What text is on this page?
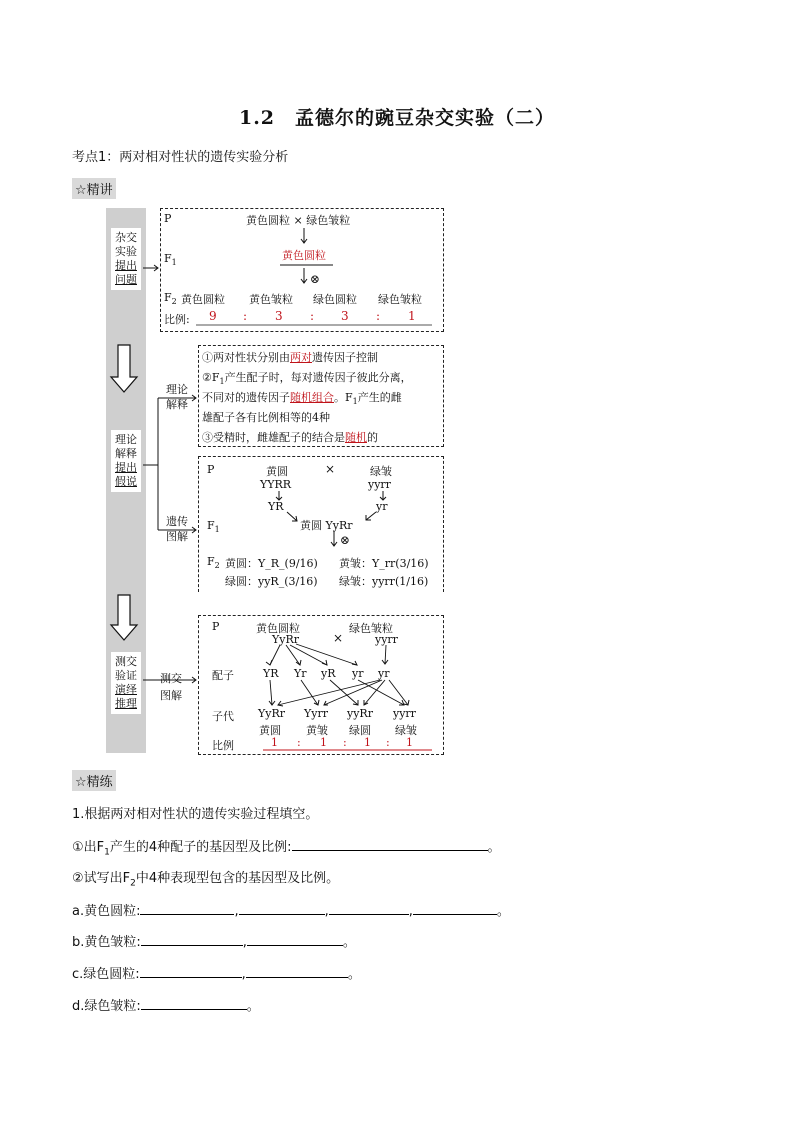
1.2　孟德尔的豌豆杂交实验（二）
考点1：两对相对性状的遗传实验分析
☆精讲
杂交
实验
提出
问题
理论
解释
提出
假说
测交
验证
演绎
推理
理论
解释
遗传
图解
测交
图解
P	黄色圆粒 × 绿色皱粒
$F_1$
黄色圆粒
⊗
$F_2$ 黄色圆粒 黄色皱粒 绿色圆粒 绿色皱粒
比例: 9 : 3 : 3 : 1
①两对性状分别由两对遗传因子控制
$②F_1$产生配子时，每对遗传因子彼此分离，
不同对的遗传因子随机组合。$F_1$产生的雌
雄配子各有比例相等的4种
③受精时，雌雄配子的结合是随机的
P	黄圆	×	绿皱
YYRR	yyrr
YR	yr
$F_1$	黄圆 YyRr
⊗
$F_2$ 黄圆：Y_R_(9/16) 黄皱：Y_rr(3/16)
绿圆：yyR_(3/16) 绿皱：yyrr(1/16)
P	黄色圆粒	绿色皱粒
YyRr	×	yyrr
配子	YR Yr yR yr yr
子代 YyRr Yyrr yyRr yyrr
黄圆 黄皱 绿圆 绿皱
比例	1 : 1 : 1 : 1
☆精练
1.根据两对相对性状的遗传实验过程填空。
①出$F_1$产生的4种配子的基因型及比例:	。
②试写出$F_2$中4种表现型包含的基因型及比例。
a.黄色圆粒:	,	,	,	。
b.黄色皱粒:	,	。
c.绿色圆粒:	,	。
d.绿色皱粒:	。
